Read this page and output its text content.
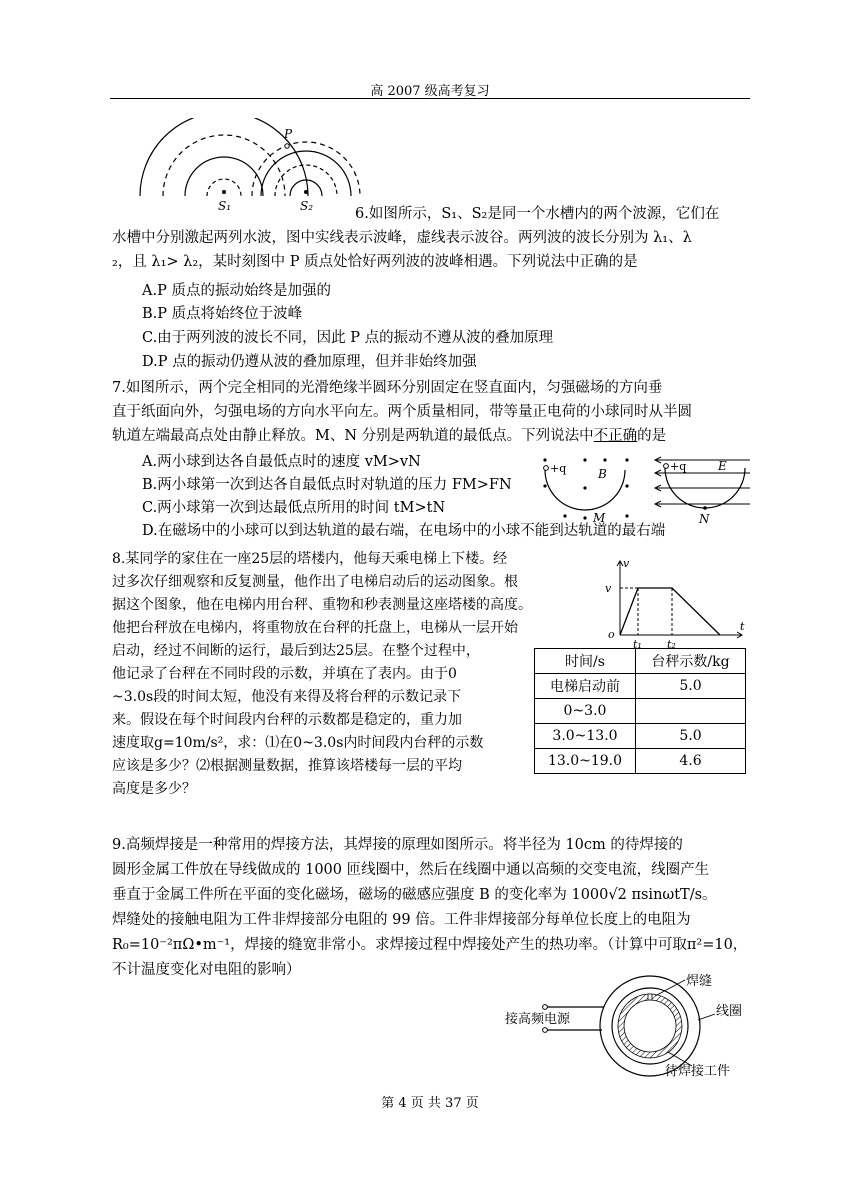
高 2007 级高考复习
P
S₁	S₂	6.如图所示，S₁、S₂是同一个水槽内的两个波源，它们在
水槽中分别激起两列水波，图中实线表示波峰，虚线表示波谷。两列波的波长分别为 λ₁、λ
₂，且 λ₁> λ₂，某时刻图中 P 质点处恰好两列波的波峰相遇。下列说法中正确的是
A.P 质点的振动始终是加强的
B.P 质点将始终位于波峰
C.由于两列波的波长不同，因此 P 点的振动不遵从波的叠加原理
D.P 点的振动仍遵从波的叠加原理，但并非始终加强
7.如图所示，两个完全相同的光滑绝缘半圆环分别固定在竖直面内，匀强磁场的方向垂
直于纸面向外，匀强电场的方向水平向左。两个质量相同，带等量正电荷的小球同时从半圆
轨道左端最高点处由静止释放。M、N 分别是两轨道的最低点。下列说法中不正确的是
A.两小球到达各自最低点时的速度 vM>vN
B.两小球第一次到达各自最低点时对轨道的压力 FM>FN
C.两小球第一次到达最低点所用的时间 tM>tN
D.在磁场中的小球可以到达轨道的最右端，在电场中的小球不能到达轨道的最右端
+q	B
M
+q	E
N
8.某同学的家住在一座25层的塔楼内，他每天乘电梯上下楼。经
过多次仔细观察和反复测量，他作出了电梯启动后的运动图象。根
据这个图象，他在电梯内用台秤、重物和秒表测量这座塔楼的高度。
他把台秤放在电梯内，将重物放在台秤的托盘上，电梯从一层开始
启动，经过不间断的运行，最后到达25层。在整个过程中，
他记录了台秤在不同时段的示数，并填在了表内。由于0
~3.0s段的时间太短，他没有来得及将台秤的示数记录下
来。假设在每个时间段内台秤的示数都是稳定的，重力加
速度取g=10m/s²，求：⑴在0~3.0s内时间段内台秤的示数
应该是多少？⑵根据测量数据，推算该塔楼每一层的平均
高度是多少？
v
v
o
t₁ t₂
t
时间/s	台秤示数/kg
电梯启动前	5.0
0~3.0	
3.0~13.0	5.0
13.0~19.0	4.6
9.高频焊接是一种常用的焊接方法，其焊接的原理如图所示。将半径为 10cm 的待焊接的
圆形金属工件放在导线做成的 1000 匝线圈中，然后在线圈中通以高频的交变电流，线圈产生
垂直于金属工件所在平面的变化磁场，磁场的磁感应强度 B 的变化率为 1000√2 πsinωtT/s。
焊缝处的接触电阻为工件非焊接部分电阻的 99 倍。工件非焊接部分每单位长度上的电阻为
R₀=10⁻²πΩ•m⁻¹，焊接的缝宽非常小。求焊接过程中焊接处产生的热功率。（计算中可取π²=10，
不计温度变化对电阻的影响）
焊缝
接高频电源
线圈
待焊接工件
第 4 页 共 37 页
